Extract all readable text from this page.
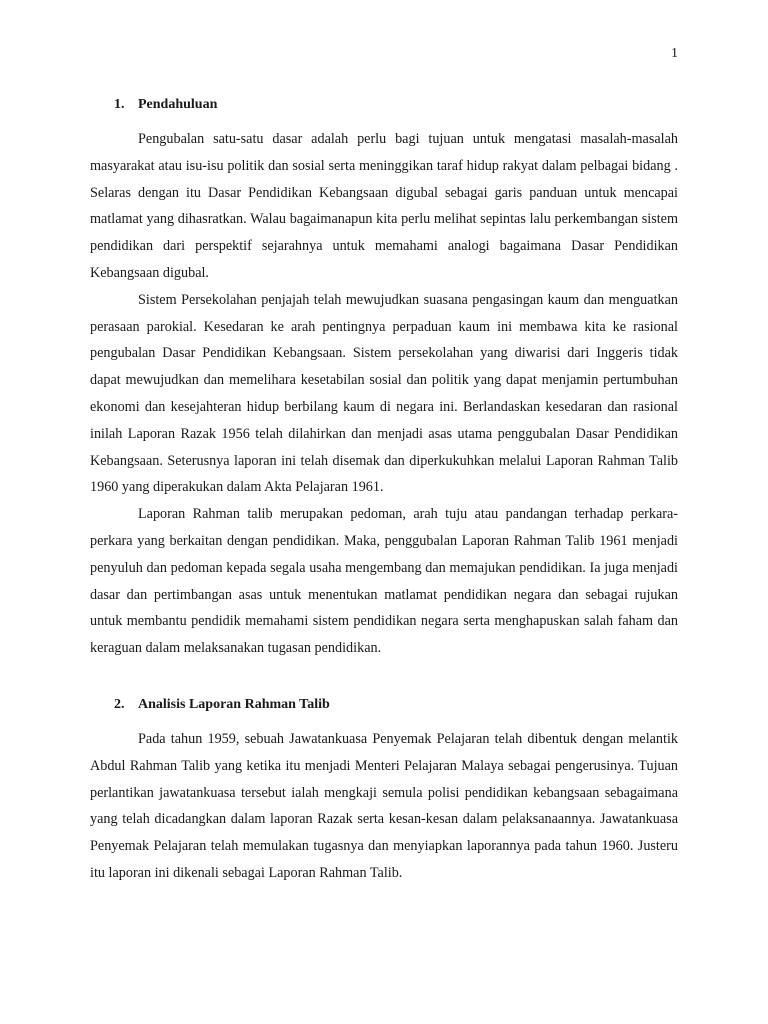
1
1. Pendahuluan

Pengubalan satu-satu dasar adalah perlu bagi tujuan untuk mengatasi masalah-masalah masyarakat atau isu-isu politik dan sosial serta meninggikan taraf hidup rakyat dalam pelbagai bidang . Selaras dengan itu Dasar Pendidikan Kebangsaan digubal sebagai garis panduan untuk mencapai matlamat yang dihasratkan. Walau bagaimanapun kita perlu melihat sepintas lalu perkembangan sistem pendidikan dari perspektif sejarahnya untuk memahami analogi bagaimana Dasar Pendidikan Kebangsaan digubal.

Sistem Persekolahan penjajah telah mewujudkan suasana pengasingan kaum dan menguatkan perasaan parokial. Kesedaran ke arah pentingnya perpaduan kaum ini membawa kita ke rasional pengubalan Dasar Pendidikan Kebangsaan. Sistem persekolahan yang diwarisi dari Inggeris tidak dapat mewujudkan dan memelihara kesetabilan sosial dan politik yang dapat menjamin pertumbuhan ekonomi dan kesejahteran hidup berbilang kaum di negara ini. Berlandaskan kesedaran dan rasional inilah Laporan Razak 1956 telah dilahirkan dan menjadi asas utama penggubalan Dasar Pendidikan Kebangsaan. Seterusnya laporan ini telah disemak dan diperkukuhkan melalui Laporan Rahman Talib 1960 yang diperakukan dalam Akta Pelajaran 1961.

Laporan Rahman talib merupakan pedoman, arah tuju atau pandangan terhadap perkara-perkara yang berkaitan dengan pendidikan. Maka, penggubalan Laporan Rahman Talib 1961 menjadi penyuluh dan pedoman kepada segala usaha mengembang dan memajukan pendidikan. Ia juga menjadi dasar dan pertimbangan asas untuk menentukan matlamat pendidikan negara dan sebagai rujukan untuk membantu pendidik memahami sistem pendidikan negara serta menghapuskan salah faham dan keraguan dalam melaksanakan tugasan pendidikan.

2. Analisis Laporan Rahman Talib

Pada tahun 1959, sebuah Jawatankuasa Penyemak Pelajaran telah dibentuk dengan melantik Abdul Rahman Talib yang ketika itu menjadi Menteri Pelajaran Malaya sebagai pengerusinya. Tujuan perlantikan jawatankuasa tersebut ialah mengkaji semula polisi pendidikan kebangsaan sebagaimana yang telah dicadangkan dalam laporan Razak serta kesan-kesan dalam pelaksanaannya. Jawatankuasa Penyemak Pelajaran telah memulakan tugasnya dan menyiapkan laporannya pada tahun 1960. Justeru itu laporan ini dikenali sebagai Laporan Rahman Talib.
